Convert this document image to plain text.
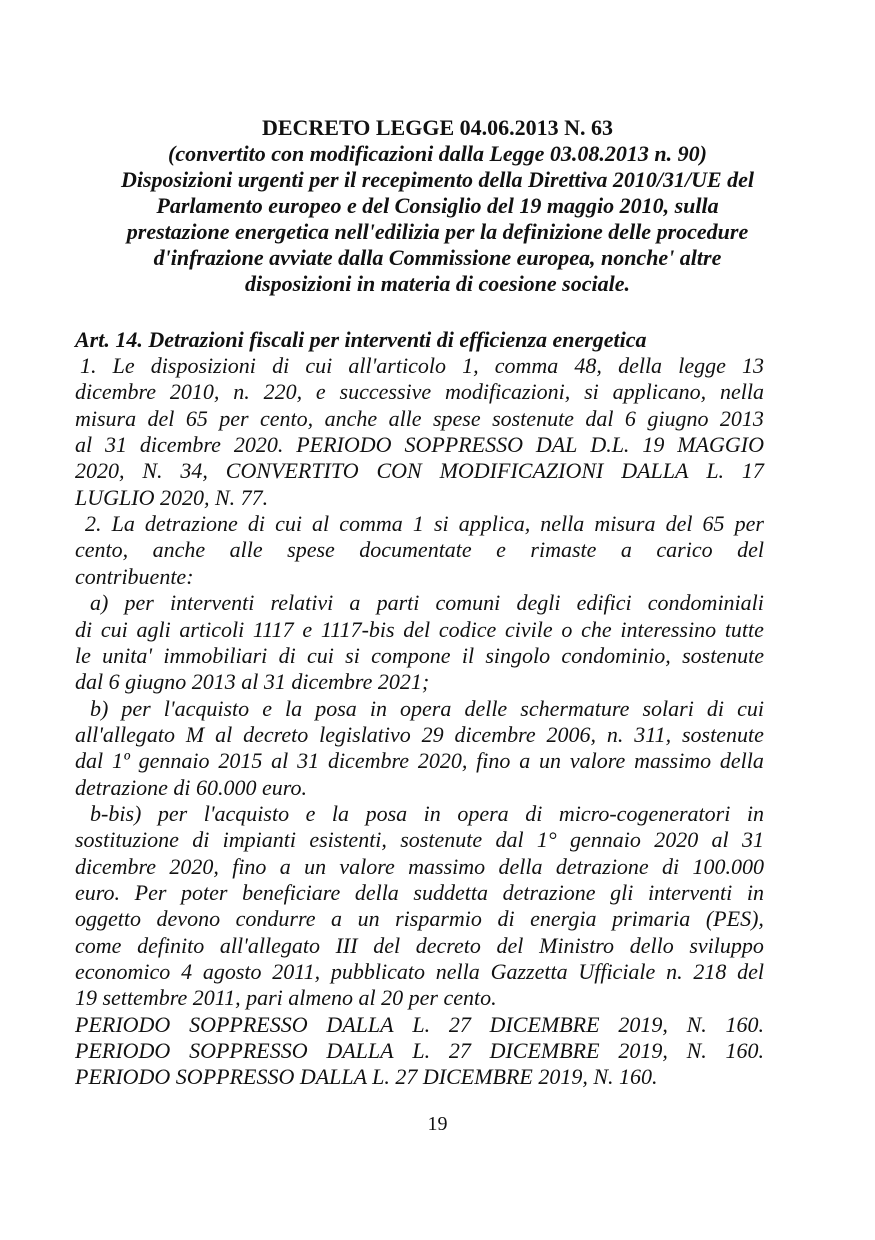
DECRETO LEGGE 04.06.2013 N. 63
(convertito con modificazioni dalla Legge 03.08.2013 n. 90)
Disposizioni urgenti per il recepimento della Direttiva 2010/31/UE del
Parlamento europeo e del Consiglio del 19 maggio 2010, sulla
prestazione energetica nell'edilizia per la definizione delle procedure
d'infrazione avviate dalla Commissione europea, nonche' altre
disposizioni in materia di coesione sociale.
Art. 14. Detrazioni fiscali per interventi di efficienza energetica
1. Le disposizioni di cui all'articolo 1, comma 48, della legge 13
dicembre 2010, n. 220, e successive modificazioni, si applicano, nella
misura del 65 per cento, anche alle spese sostenute dal 6 giugno 2013
al 31 dicembre 2020. PERIODO SOPPRESSO DAL D.L. 19 MAGGIO
2020, N. 34, CONVERTITO CON MODIFICAZIONI DALLA L. 17
LUGLIO 2020, N. 77.
2. La detrazione di cui al comma 1 si applica, nella misura del 65 per
cento, anche alle spese documentate e rimaste a carico del
contribuente:
a) per interventi relativi a parti comuni degli edifici condominiali
di cui agli articoli 1117 e 1117-bis del codice civile o che interessino tutte
le unita' immobiliari di cui si compone il singolo condominio, sostenute
dal 6 giugno 2013 al 31 dicembre 2021;
b) per l'acquisto e la posa in opera delle schermature solari di cui
all'allegato M al decreto legislativo 29 dicembre 2006, n. 311, sostenute
dal 1º gennaio 2015 al 31 dicembre 2020, fino a un valore massimo della
detrazione di 60.000 euro.
b-bis) per l'acquisto e la posa in opera di micro-cogeneratori in
sostituzione di impianti esistenti, sostenute dal 1° gennaio 2020 al 31
dicembre 2020, fino a un valore massimo della detrazione di 100.000
euro. Per poter beneficiare della suddetta detrazione gli interventi in
oggetto devono condurre a un risparmio di energia primaria (PES),
come definito all'allegato III del decreto del Ministro dello sviluppo
economico 4 agosto 2011, pubblicato nella Gazzetta Ufficiale n. 218 del
19 settembre 2011, pari almeno al 20 per cento.
PERIODO SOPPRESSO DALLA L. 27 DICEMBRE 2019, N. 160.
PERIODO SOPPRESSO DALLA L. 27 DICEMBRE 2019, N. 160.
PERIODO SOPPRESSO DALLA L. 27 DICEMBRE 2019, N. 160.
19
